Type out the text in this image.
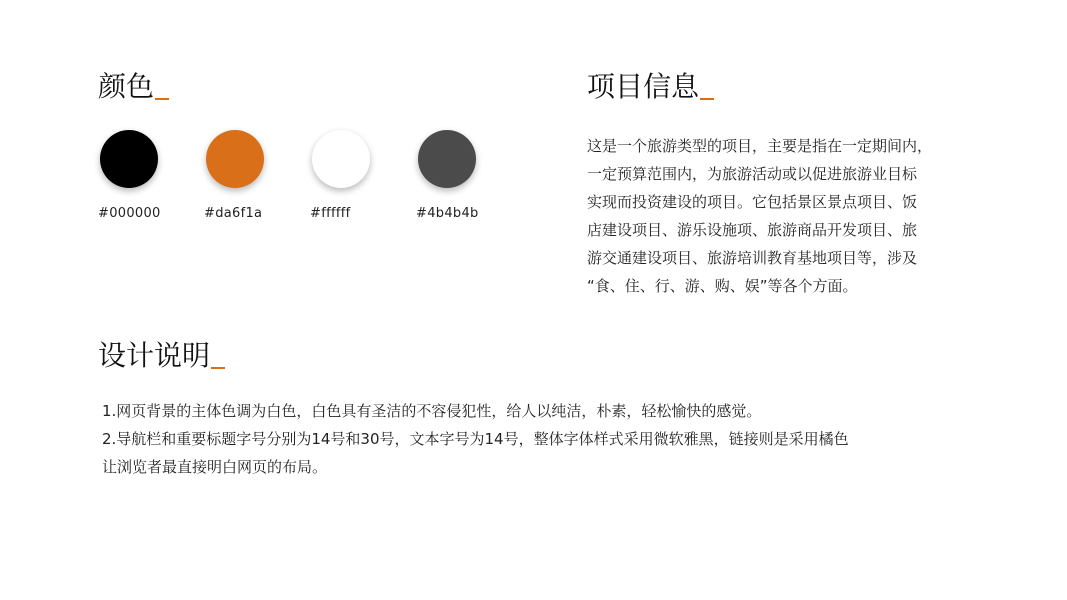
颜色
#000000	#da6f1a	#ffffff	#4b4b4b
项目信息
这是一个旅游类型的项目，主要是指在一定期间内，
一定预算范围内，为旅游活动或以促进旅游业目标
实现而投资建设的项目。它包括景区景点项目、饭
店建设项目、游乐设施项、旅游商品开发项目、旅
游交通建设项目、旅游培训教育基地项目等，涉及
“食、住、行、游、购、娱”等各个方面。
设计说明
1.网页背景的主体色调为白色，白色具有圣洁的不容侵犯性，给人以纯洁，朴素，轻松愉快的感觉。
2.导航栏和重要标题字号分别为14号和30号，文本字号为14号，整体字体样式采用微软雅黑，链接则是采用橘色
让浏览者最直接明白网页的布局。
